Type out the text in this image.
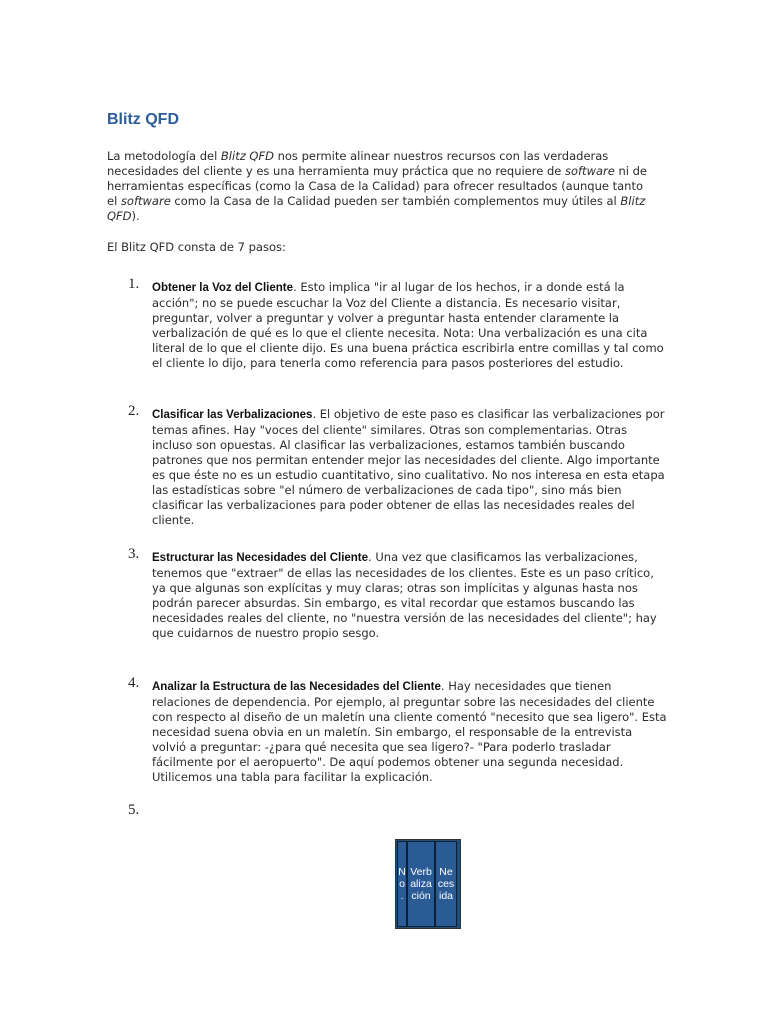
Blitz QFD

La metodología del Blitz QFD nos permite alinear nuestros recursos con las verdaderas necesidades del cliente y es una herramienta muy práctica que no requiere de software ni de herramientas específicas (como la Casa de la Calidad) para ofrecer resultados (aunque tanto el software como la Casa de la Calidad pueden ser también complementos muy útiles al Blitz QFD).

El Blitz QFD consta de 7 pasos:

1. Obtener la Voz del Cliente. Esto implica "ir al lugar de los hechos, ir a donde está la acción"; no se puede escuchar la Voz del Cliente a distancia. Es necesario visitar, preguntar, volver a preguntar y volver a preguntar hasta entender claramente la verbalización de qué es lo que el cliente necesita. Nota: Una verbalización es una cita literal de lo que el cliente dijo. Es una buena práctica escribirla entre comillas y tal como el cliente lo dijo, para tenerla como referencia para pasos posteriores del estudio.
2. Clasificar las Verbalizaciones. El objetivo de este paso es clasificar las verbalizaciones por temas afines. Hay "voces del cliente" similares. Otras son complementarias. Otras incluso son opuestas. Al clasificar las verbalizaciones, estamos también buscando patrones que nos permitan entender mejor las necesidades del cliente. Algo importante es que éste no es un estudio cuantitativo, sino cualitativo. No nos interesa en esta etapa las estadísticas sobre "el número de verbalizaciones de cada tipo", sino más bien clasificar las verbalizaciones para poder obtener de ellas las necesidades reales del cliente.
3. Estructurar las Necesidades del Cliente. Una vez que clasificamos las verbalizaciones, tenemos que "extraer" de ellas las necesidades de los clientes. Este es un paso crítico, ya que algunas son explícitas y muy claras; otras son implícitas y algunas hasta nos podrán parecer absurdas. Sin embargo, es vital recordar que estamos buscando las necesidades reales del cliente, no "nuestra versión de las necesidades del cliente"; hay que cuidarnos de nuestro propio sesgo.
4. Analizar la Estructura de las Necesidades del Cliente. Hay necesidades que tienen relaciones de dependencia. Por ejemplo, al preguntar sobre las necesidades del cliente con respecto al diseño de un maletín una cliente comentó "necesito que sea ligero". Esta necesidad suena obvia en un maletín. Sin embargo, el responsable de la entrevista volvió a preguntar: -¿para qué necesita que sea ligero?- "Para poderlo trasladar fácilmente por el aeropuerto". De aquí podemos obtener una segunda necesidad. Utilicemos una tabla para facilitar la explicación.
5.
N o .
Verb aliza ción
Ne ces ida
